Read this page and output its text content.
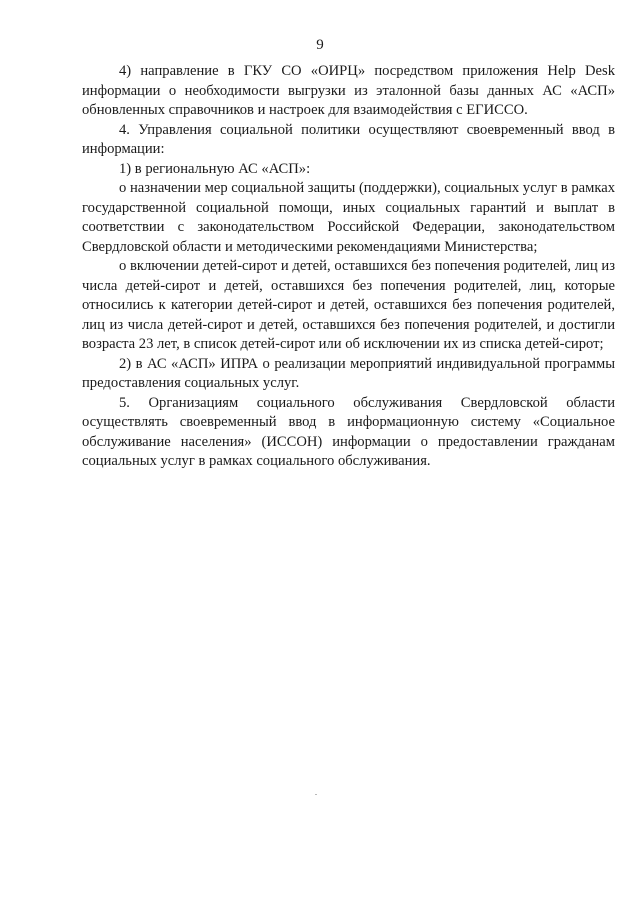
9

4) направление в ГКУ СО «ОИРЦ» посредством приложения Help Desk информации о необходимости выгрузки из эталонной базы данных АС «АСП» обновленных справочников и настроек для взаимодействия с ЕГИССО.

4. Управления социальной политики осуществляют своевременный ввод в информации:

1) в региональную АС «АСП»:

о назначении мер социальной защиты (поддержки), социальных услуг в рамках государственной социальной помощи, иных социальных гарантий и выплат в соответствии с законодательством Российской Федерации, законодательством Свердловской области и методическими рекомендациями Министерства;

о включении детей-сирот и детей, оставшихся без попечения родителей, лиц из числа детей-сирот и детей, оставшихся без попечения родителей, лиц, которые относились к категории детей-сирот и детей, оставшихся без попечения родителей, лиц из числа детей-сирот и детей, оставшихся без попечения родителей, и достигли возраста 23 лет, в список детей-сирот или об исключении их из списка детей-сирот;

2) в АС «АСП» ИПРА о реализации мероприятий индивидуальной программы предоставления социальных услуг.

5. Организациям социального обслуживания Свердловской области осуществлять своевременный ввод в информационную систему «Социальное обслуживание населения» (ИССОН) информации о предоставлении гражданам социальных услуг в рамках социального обслуживания.
